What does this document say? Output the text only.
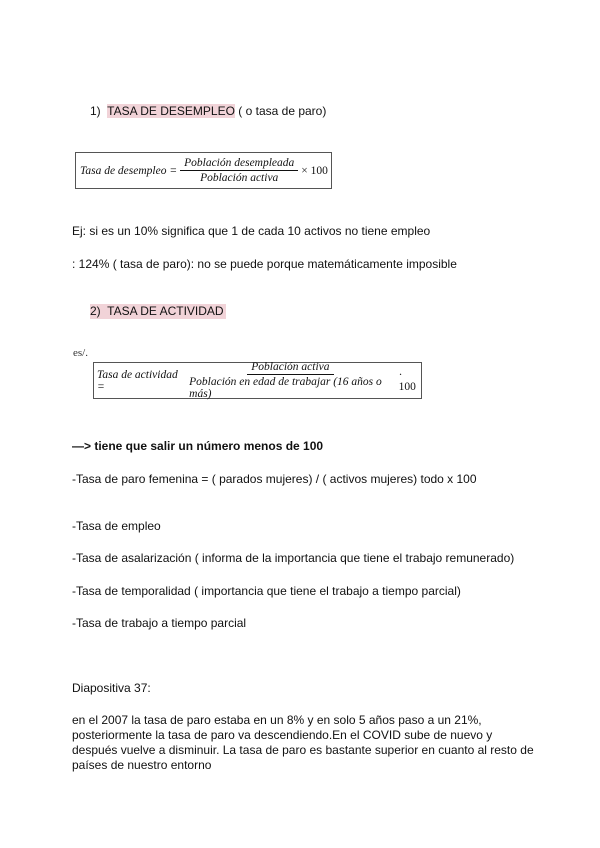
1) TASA DE DESEMPLEO ( o tasa de paro)
Tasa de desempleo = $\frac{\text{Población desempleada}}{\text{Población activa}} \times 100$
Ej: si es un 10% significa que 1 de cada 10 activos no tiene empleo
: 124% ( tasa de paro): no se puede porque matemáticamente imposible
2) TASA DE ACTIVIDAD
es/.
Tasa de actividad =	$\frac{\text{Población activa}}{\text{Población en edad de trabajar (16 años o más)}} \cdot 100$
—> tiene que salir un número menos de 100
-Tasa de paro femenina = ( parados mujeres) / ( activos mujeres) todo x 100
-Tasa de empleo
-Tasa de asalarización ( informa de la importancia que tiene el trabajo remunerado)
-Tasa de temporalidad ( importancia que tiene el trabajo a tiempo parcial)
-Tasa de trabajo a tiempo parcial
Diapositiva 37:
en el 2007 la tasa de paro estaba en un 8% y en solo 5 años paso a un 21%, posteriormente la tasa de paro va descendiendo.En el COVID sube de nuevo y después vuelve a disminuir. La tasa de paro es bastante superior en cuanto al resto de países de nuestro entorno
